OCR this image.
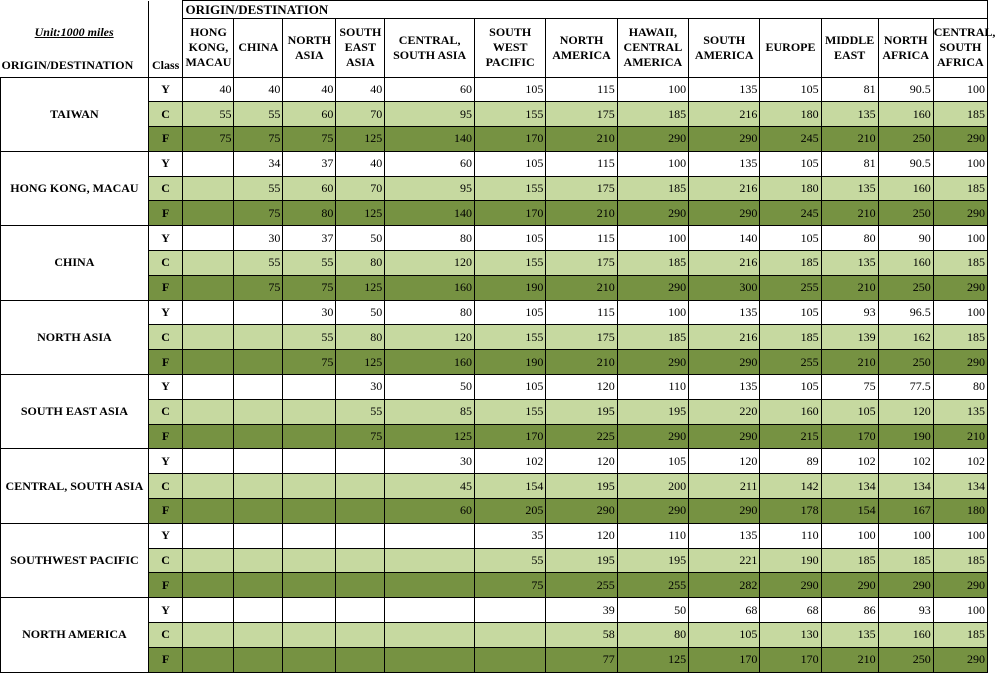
		ORIGIN/DESTINATION												

Unit:1000 miles
ORIGIN/DESTINATION	Class	HONG KONG, MACAU	CHINA	NORTH ASIA	SOUTH EAST ASIA	CENTRAL, SOUTH ASIA	SOUTH WEST PACIFIC	NORTH AMERICA	HAWAII, CENTRAL AMERICA	SOUTH AMERICA	EUROPE	MIDDLE EAST	NORTH AFRICA	CENTRAL, SOUTH AFRICA
TAIWAN	Y	40	40	40	40	60	105	115	100	135	105	81	90.5	100
	C	55	55	60	70	95	155	175	185	216	180	135	160	185
	F	75	75	75	125	140	170	210	290	290	245	210	250	290
HONG KONG, MACAU	Y		34	37	40	60	105	115	100	135	105	81	90.5	100
	C		55	60	70	95	155	175	185	216	180	135	160	185
	F		75	80	125	140	170	210	290	290	245	210	250	290
CHINA	Y		30	37	50	80	105	115	100	140	105	80	90	100
	C		55	55	80	120	155	175	185	216	185	135	160	185
	F		75	75	125	160	190	210	290	300	255	210	250	290
NORTH ASIA	Y			30	50	80	105	115	100	135	105	93	96.5	100
	C			55	80	120	155	175	185	216	185	139	162	185
	F			75	125	160	190	210	290	290	255	210	250	290
SOUTH EAST ASIA	Y				30	50	105	120	110	135	105	75	77.5	80
	C				55	85	155	195	195	220	160	105	120	135
	F				75	125	170	225	290	290	215	170	190	210
CENTRAL, SOUTH ASIA	Y					30	102	120	105	120	89	102	102	102
	C					45	154	195	200	211	142	134	134	134
	F					60	205	290	290	290	178	154	167	180
SOUTHWEST PACIFIC	Y						35	120	110	135	110	100	100	100
	C						55	195	195	221	190	185	185	185
	F						75	255	255	282	290	290	290	290
NORTH AMERICA	Y							39	50	68	68	86	93	100
	C							58	80	105	130	135	160	185
	F							77	125	170	170	210	250	290
